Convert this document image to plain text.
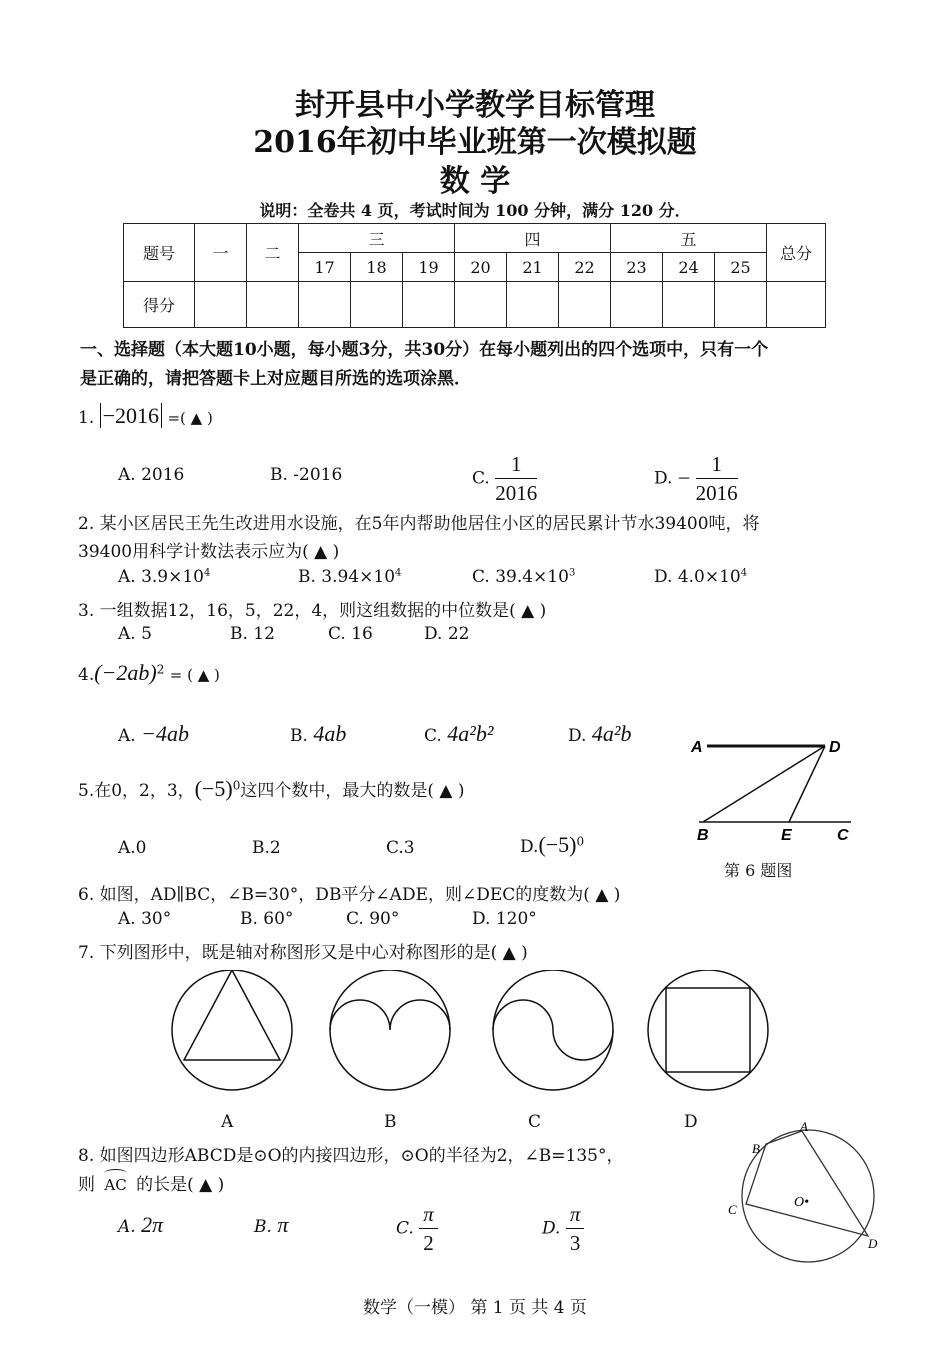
封开县中小学教学目标管理
2016年初中毕业班第一次模拟题
数 学
说明：全卷共 4 页，考试时间为 100 分钟，满分 120 分．
题号	一	二	三			四			五			总分
			17	18	19	20	21	22	23	24	25	
得分												
一、选择题（本大题10小题，每小题3分，共30分）在每小题列出的四个选项中，只有一个
是正确的，请把答题卡上对应题目所选的选项涂黑．
1. −2016 =( ▲ )
A. 2016	B. -2016	C. $\frac{1}{2016}$	D. − $\frac{1}{2016}$
2. 某小区居民王先生改进用水设施，在5年内帮助他居住小区的居民累计节水39400吨，将
39400用科学计数法表示应为( ▲ )
A. $3.9\times 10^4$	B. $3.94\times 10^4$	C. $39.4\times 10^3$	D. $4.0\times 10^4$
3. 一组数据12，16，5，22，4，则这组数据的中位数是( ▲ )
A. 5	B. 12	C. 16	D. 22
$4.(-2ab)^2$ = ( ▲ )
A. −4ab	B. 4ab	C. 4a²b²	D. 4a²b
A	D
B	E	C
第 6 题图
5.在0，2，3，$(-5)^0$这四个数中，最大的数是( ▲ )
A.0	B.2	C.3	$D.(-5)^0$
6. 如图，AD∥BC，∠B=30°，DB平分∠ADE，则∠DEC的度数为( ▲ )
A. 30°	B. 60°	C. 90°	D. 120°
7. 下列图形中，既是轴对称图形又是中心对称图形的是( ▲ )
A	B	C	D
8. 如图四边形ABCD是⊙O的内接四边形，⊙O的半径为2，∠B=135°，
则 AC 的长是( ▲ )
A. 2π	B. π	C. $\frac{\pi}{2}$	D. $\frac{\pi}{3}$
A
B
C
D
O•
数学（一模） 第 1 页 共 4 页
